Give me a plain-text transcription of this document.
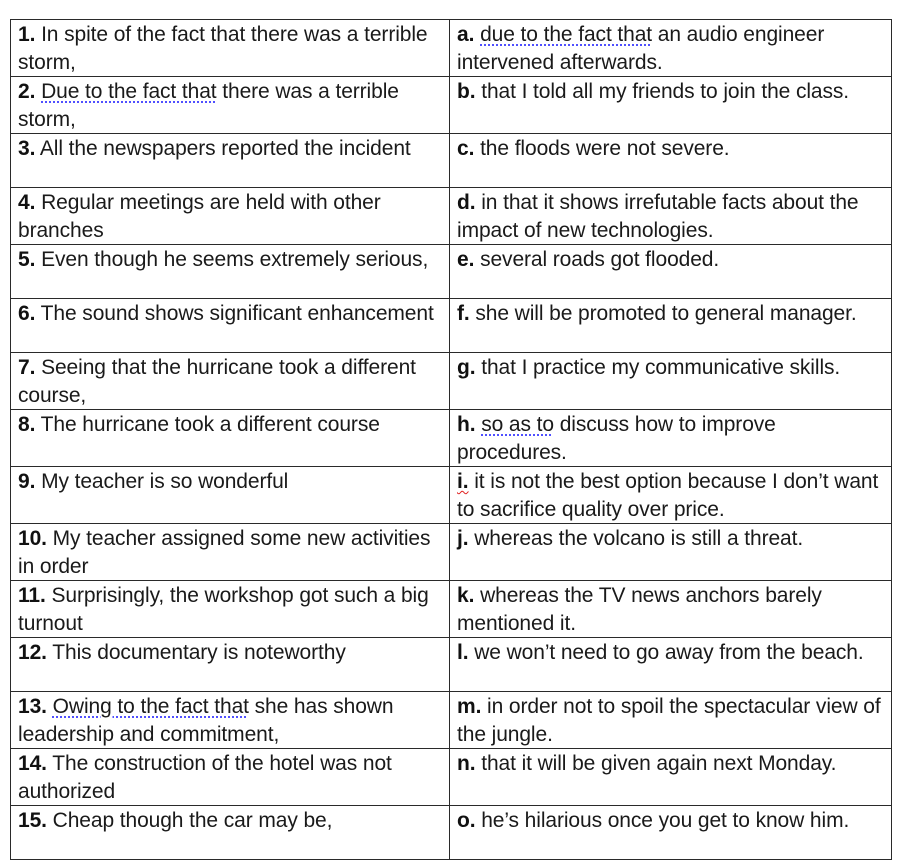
1. In spite of the fact that there was a terrible storm,	a. due to the fact that an audio engineer intervened afterwards.
2. Due to the fact that there was a terrible storm,	b. that I told all my friends to join the class.
3. All the newspapers reported the incident	c. the floods were not severe.
4. Regular meetings are held with other branches	d. in that it shows irrefutable facts about the impact of new technologies.
5. Even though he seems extremely serious,	e. several roads got flooded.
6. The sound shows significant enhancement	f. she will be promoted to general manager.
7. Seeing that the hurricane took a different course,	g. that I practice my communicative skills.
8. The hurricane took a different course	h. so as to discuss how to improve procedures.
9. My teacher is so wonderful	i. it is not the best option because I don’t want to sacrifice quality over price.
10. My teacher assigned some new activities in order	j. whereas the volcano is still a threat.
11. Surprisingly, the workshop got such a big turnout	k. whereas the TV news anchors barely mentioned it.
12. This documentary is noteworthy	l. we won’t need to go away from the beach.
13. Owing to the fact that she has shown leadership and commitment,	m. in order not to spoil the spectacular view of the jungle.
14. The construction of the hotel was not authorized	n. that it will be given again next Monday.
15. Cheap though the car may be,	o. he’s hilarious once you get to know him.
